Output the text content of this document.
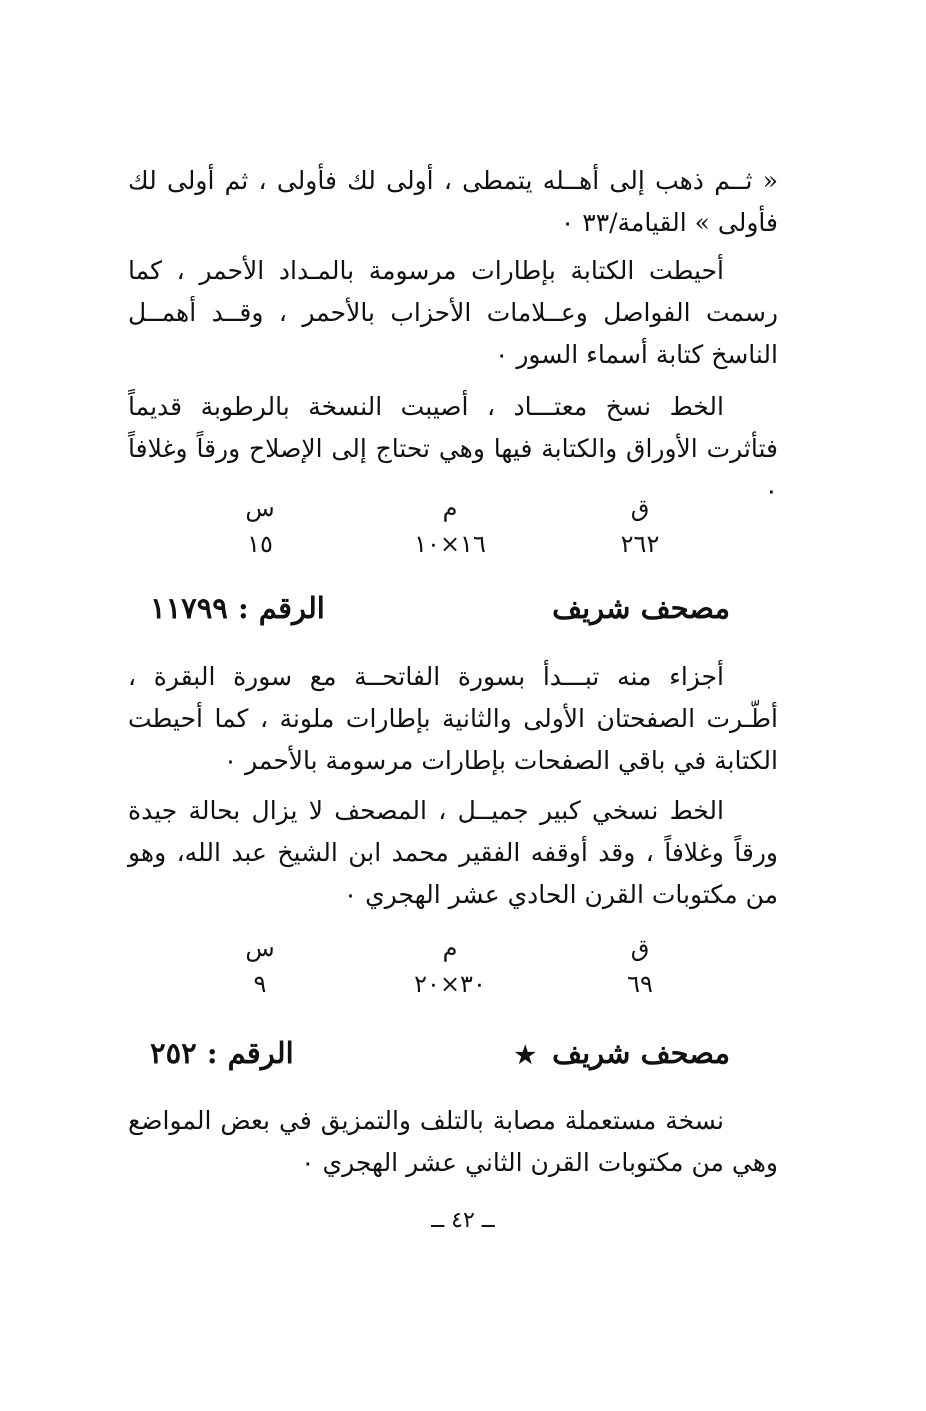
« ثــم ذهب إلى أهــله يتمطى ، أولى لك فأولى ، ثم أولى لك فأولى » القيامة/٣٣ ٠

أحيطت الكتابة بإطارات مرسومة بالمـداد الأحمر ، كما رسمت الفواصل وعــلامات الأحزاب بالأحمر ، وقــد أهمــل الناسخ كتابة أسماء السور ٠

الخط نسخ معتـــاد ، أصيبت النسخة بالرطوبة قديماً فتأثرت الأوراق والكتابة فيها وهي تحتاج إلى الإصلاح ورقاً وغلافاً ٠

ق
٢٦٢
م
١٦×١٠
س
١٥
مصحف شريف
الرقم : ١١٧٩٩

أجزاء منه تبـــدأ بسورة الفاتحــة مع سورة البقرة ، أطّـرت الصفحتان الأولى والثانية بإطارات ملونة ، كما أحيطت الكتابة في باقي الصفحات بإطارات مرسومة بالأحمر ٠

الخط نسخي كبير جميــل ، المصحف لا يزال بحالة جيدة ورقاً وغلافاً ، وقد أوقفه الفقير محمد ابن الشيخ عبد الله، وهو من مكتوبات القرن الحادي عشر الهجري ٠

ق
٦٩
م
٣٠×٢٠
س
٩
مصحف شريف ★
الرقم : ٢٥٢

نسخة مستعملة مصابة بالتلف والتمزيق في بعض المواضع وهي من مكتوبات القرن الثاني عشر الهجري ٠

ــ ٤٢ ــ
